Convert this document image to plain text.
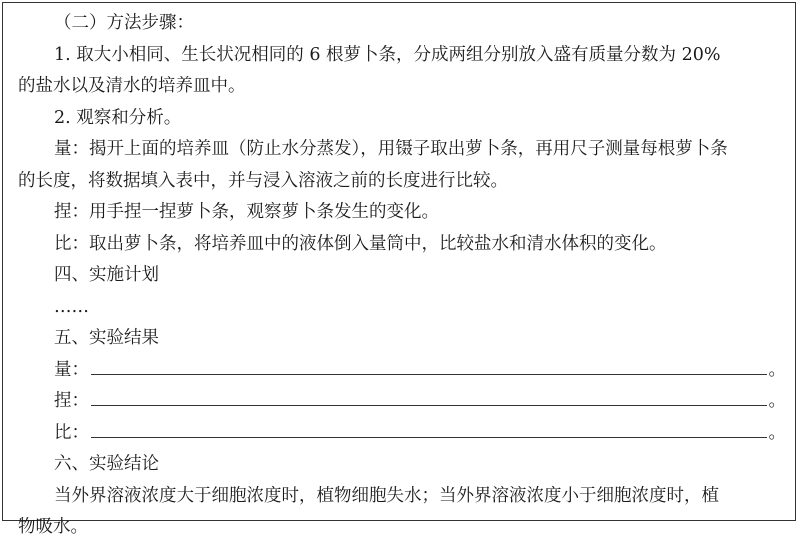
（二）方法步骤：
1. 取大小相同、生长状况相同的 6 根萝卜条，分成两组分别放入盛有质量分数为 20%
的盐水以及清水的培养皿中。
2. 观察和分析。
量：揭开上面的培养皿（防止水分蒸发），用镊子取出萝卜条，再用尺子测量每根萝卜条
的长度，将数据填入表中，并与浸入溶液之前的长度进行比较。
捏：用手捏一捏萝卜条，观察萝卜条发生的变化。
比：取出萝卜条，将培养皿中的液体倒入量筒中，比较盐水和清水体积的变化。
四、实施计划
……
五、实验结果
量：	。
捏：	。
比：	。
六、实验结论
当外界溶液浓度大于细胞浓度时，植物细胞失水；当外界溶液浓度小于细胞浓度时，植
物吸水。
